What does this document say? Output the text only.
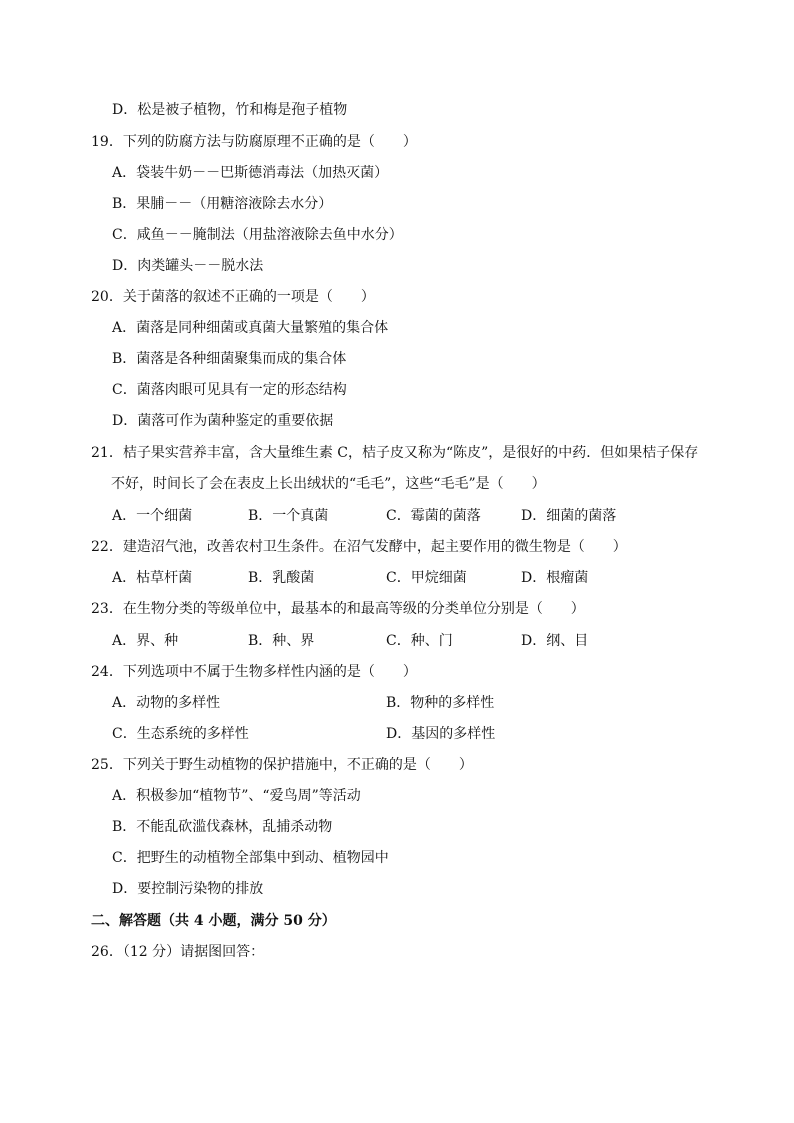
D．松是被子植物，竹和梅是孢子植物
19．下列的防腐方法与防腐原理不正确的是（　　）
A．袋装牛奶－－巴斯德消毒法（加热灭菌）
B．果脯－－（用糖溶液除去水分）
C．咸鱼－－腌制法（用盐溶液除去鱼中水分）
D．肉类罐头－－脱水法
20．关于菌落的叙述不正确的一项是（　　）
A．菌落是同种细菌或真菌大量繁殖的集合体
B．菌落是各种细菌聚集而成的集合体
C．菌落肉眼可见具有一定的形态结构
D．菌落可作为菌种鉴定的重要依据
21．桔子果实营养丰富，含大量维生素 C，桔子皮又称为“陈皮”，是很好的中药．但如果桔子保存
不好，时间长了会在表皮上长出绒状的“毛毛”，这些“毛毛”是（　　）
A．一个细菌	B．一个真菌	C．霉菌的菌落	D．细菌的菌落
22．建造沼气池，改善农村卫生条件。在沼气发酵中，起主要作用的微生物是（　　）
A．枯草杆菌	B．乳酸菌	C．甲烷细菌	D．根瘤菌
23．在生物分类的等级单位中，最基本的和最高等级的分类单位分别是（　　）
A．界、种	B．种、界	C．种、门	D．纲、目
24．下列选项中不属于生物多样性内涵的是（　　）
A．动物的多样性	B．物种的多样性
C．生态系统的多样性	D．基因的多样性
25．下列关于野生动植物的保护措施中，不正确的是（　　）
A．积极参加“植物节”、“爱鸟周”等活动
B．不能乱砍滥伐森林，乱捕杀动物
C．把野生的动植物全部集中到动、植物园中
D．要控制污染物的排放
二、解答题（共 4 小题，满分 50 分）
26．（12 分）请据图回答：
